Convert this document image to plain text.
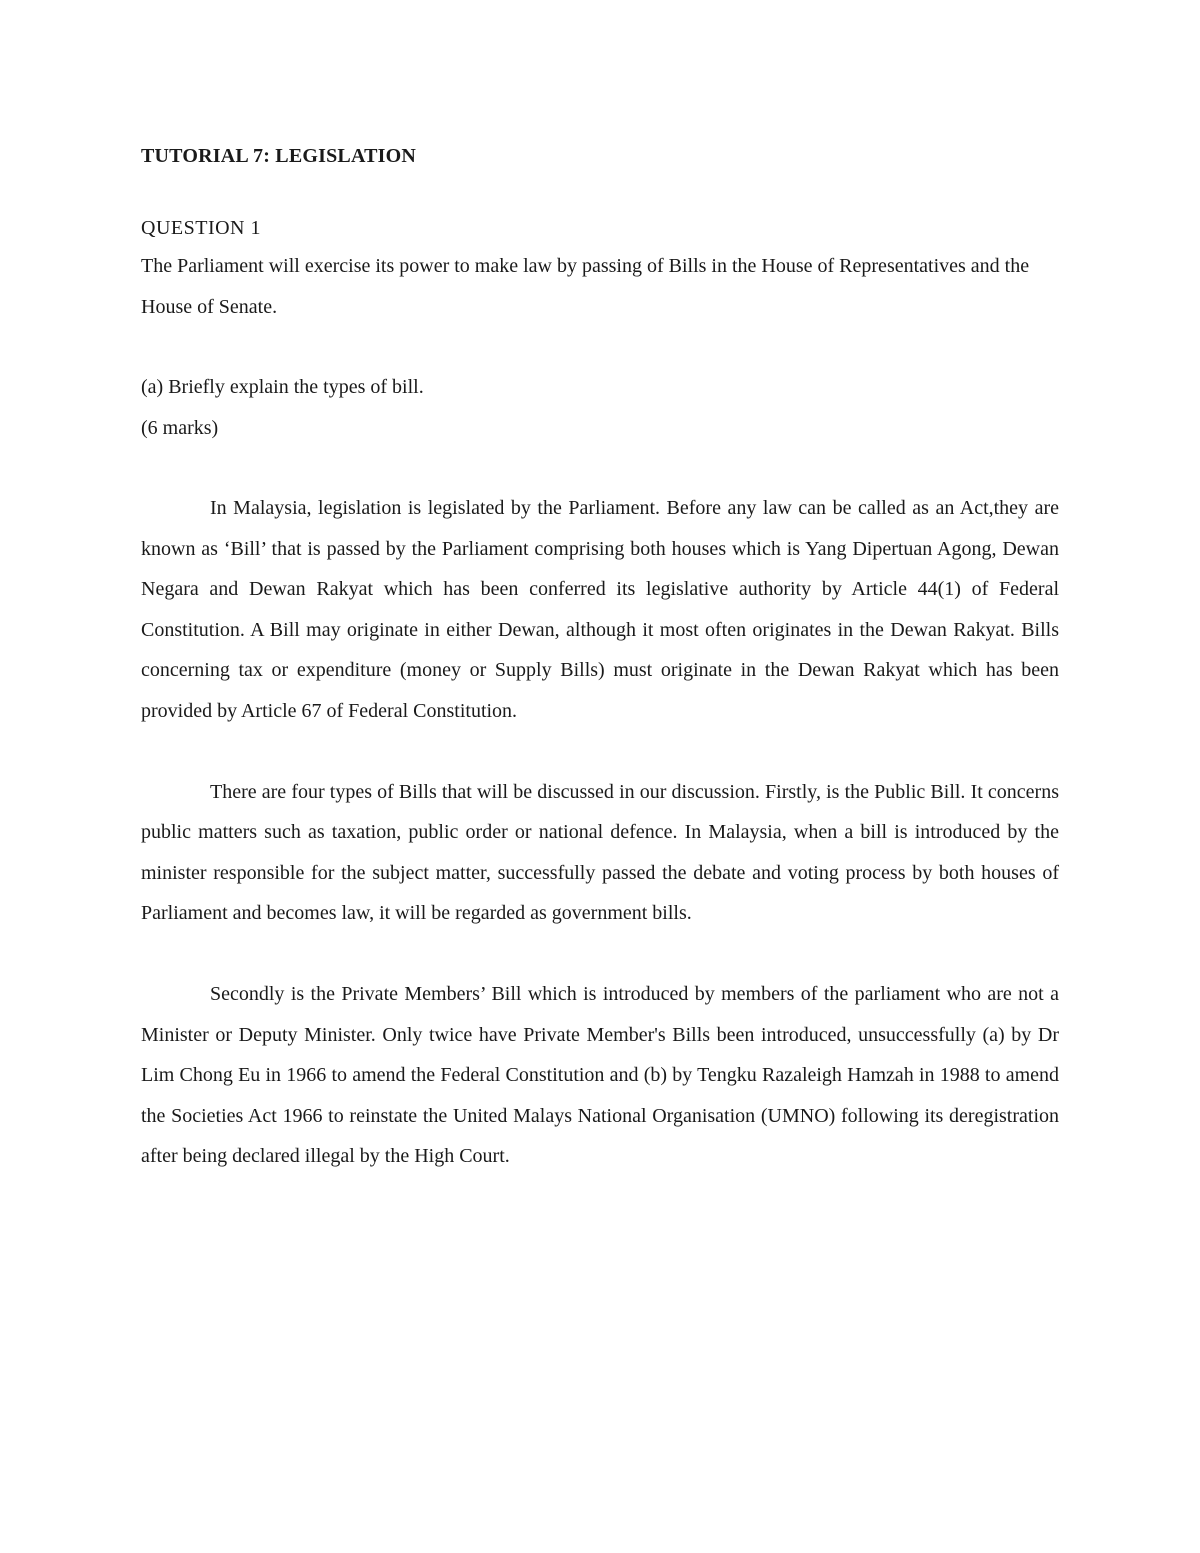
TUTORIAL 7: LEGISLATION

QUESTION 1

The Parliament will exercise its power to make law by passing of Bills in the House of Representatives and the House of Senate.

(a) Briefly explain the types of bill.

(6 marks)

In Malaysia, legislation is legislated by the Parliament. Before any law can be called as an Act,they are known as ‘Bill’ that is passed by the Parliament comprising both houses which is Yang Dipertuan Agong, Dewan Negara and Dewan Rakyat which has been conferred its legislative authority by Article 44(1) of Federal Constitution. A Bill may originate in either Dewan, although it most often originates in the Dewan Rakyat. Bills concerning tax or expenditure (money or Supply Bills) must originate in the Dewan Rakyat which has been provided by Article 67 of Federal Constitution.

There are four types of Bills that will be discussed in our discussion. Firstly, is the Public Bill. It concerns public matters such as taxation, public order or national defence. In Malaysia, when a bill is introduced by the minister responsible for the subject matter, successfully passed the debate and voting process by both houses of Parliament and becomes law, it will be regarded as government bills.

Secondly is the Private Members’ Bill which is introduced by members of the parliament who are not a Minister or Deputy Minister. Only twice have Private Member's Bills been introduced, unsuccessfully (a) by Dr Lim Chong Eu in 1966 to amend the Federal Constitution and (b) by Tengku Razaleigh Hamzah in 1988 to amend the Societies Act 1966 to reinstate the United Malays National Organisation (UMNO) following its deregistration after being declared illegal by the High Court.
